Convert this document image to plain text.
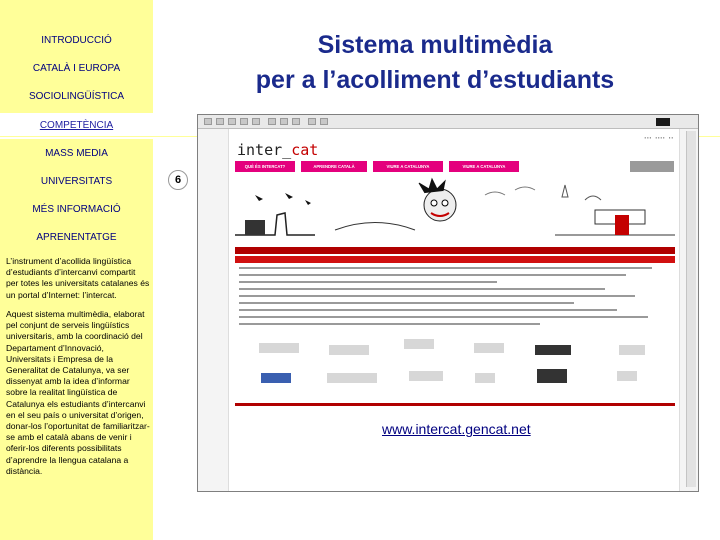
INTRODUCCIÓ
CATALÀ I EUROPA
SOCIOLINGÜÍSTICA
COMPETÈNCIA
MASS MEDIA
UNIVERSITATS
MÉS INFORMACIÓ
APRENENTATGE
6
L’instrument d’acollida lingüística d’estudiants d’intercanvi compartit per totes les universitats catalanes és un portal d’Internet: l’intercat.
Aquest sistema multimèdia, elaborat pel conjunt de serveis lingüístics universitaris, amb la coordinació del Departament d’Innovació, Universitats i Empresa de la Generalitat de Catalunya, va ser dissenyat amb la idea d’informar sobre la realitat lingüística de Catalunya els estudiants d’intercanvi en el seu país o universitat d’origen, donar-los l’oportunitat de familiaritzar-se amb el català abans de venir i oferir-los diferents possibilitats d’aprendre la llengua catalana a distància.
Sistema multimèdia
per a l’acolliment d’estudiants
inter_cat
▪ ▪ ▪    ▪ ▪ ▪ ▪    ▪ ▪
QUÈ ÉS INTERCAT?	APRENDRE CATALÀ	VIURE A CATALUNYA	VIURE A CATALUNYA
www.intercat.gencat.net
